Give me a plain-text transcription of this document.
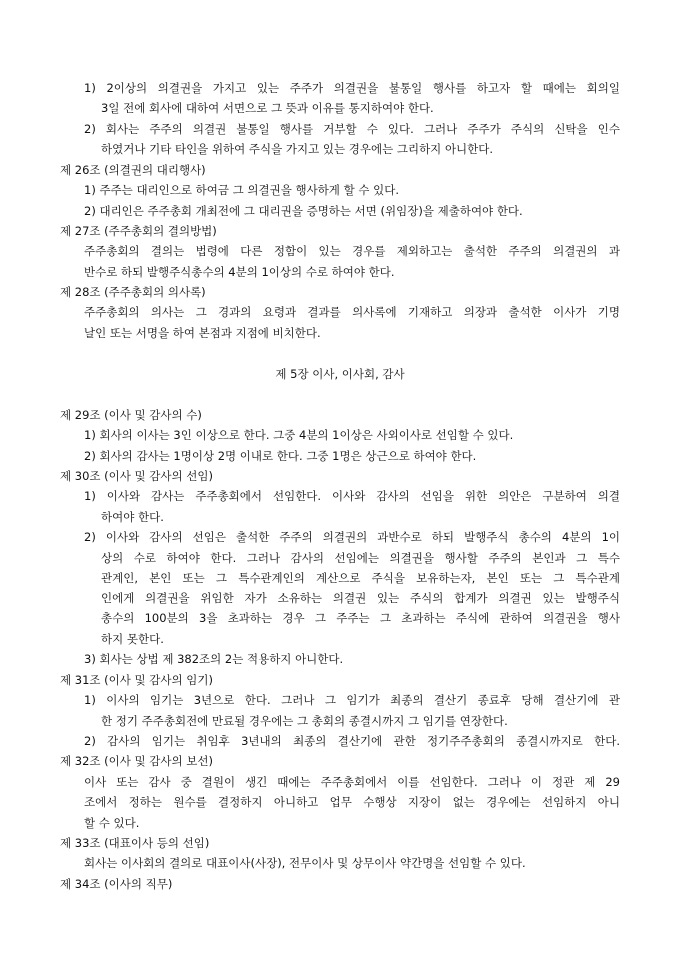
1) 2이상의 의결권을 가지고 있는 주주가 의결권을 불통일 행사를 하고자 할 때에는 회의일
3일 전에 회사에 대하여 서면으로 그 뜻과 이유를 통지하여야 한다.
2) 회사는 주주의 의결권 불통일 행사를 거부할 수 있다. 그러나 주주가 주식의 신탁을 인수
하였거나 기타 타인을 위하여 주식을 가지고 있는 경우에는 그리하지 아니한다.
제 26조 (의결권의 대리행사)
1) 주주는 대리인으로 하여금 그 의결권을 행사하게 할 수 있다.
2) 대리인은 주주총회 개최전에 그 대리권을 증명하는 서면 (위임장)을 제출하여야 한다.
제 27조 (주주총회의 결의방법)
주주총회의 결의는 법령에 다른 정함이 있는 경우를 제외하고는 출석한 주주의 의결권의 과
반수로 하되 발행주식총수의 4분의 1이상의 수로 하여야 한다.
제 28조 (주주총회의 의사록)
주주총회의 의사는 그 경과의 요령과 결과를 의사록에 기재하고 의장과 출석한 이사가 기명
날인 또는 서명을 하여 본점과 지점에 비치한다.
제 5장 이사, 이사회, 감사
제 29조 (이사 및 감사의 수)
1) 회사의 이사는 3인 이상으로 한다. 그중 4분의 1이상은 사외이사로 선임할 수 있다.
2) 회사의 감사는 1명이상 2명 이내로 한다. 그중 1명은 상근으로 하여야 한다.
제 30조 (이사 및 감사의 선임)
1) 이사와 감사는 주주총회에서 선임한다. 이사와 감사의 선임을 위한 의안은 구분하여 의결
하여야 한다.
2) 이사와 감사의 선임은 출석한 주주의 의결권의 과반수로 하되 발행주식 총수의 4분의 1이
상의 수로 하여야 한다. 그러나 감사의 선임에는 의결권을 행사할 주주의 본인과 그 특수
관계인, 본인 또는 그 특수관계인의 계산으로 주식을 보유하는자, 본인 또는 그 특수관계
인에게 의결권을 위임한 자가 소유하는 의결권 있는 주식의 합계가 의결권 있는 발행주식
총수의 100분의 3을 초과하는 경우 그 주주는 그 초과하는 주식에 관하여 의결권을 행사
하지 못한다.
3) 회사는 상법 제 382조의 2는 적용하지 아니한다.
제 31조 (이사 및 감사의 임기)
1) 이사의 임기는 3년으로 한다. 그러나 그 임기가 최종의 결산기 종료후 당해 결산기에 관
한 정기 주주총회전에 만료될 경우에는 그 총회의 종결시까지 그 임기를 연장한다.
2) 감사의 임기는 취임후 3년내의 최종의 결산기에 관한 정기주주총회의 종결시까지로 한다.
제 32조 (이사 및 감사의 보선)
이사 또는 감사 중 결원이 생긴 때에는 주주총회에서 이를 선임한다. 그러나 이 정관 제 29
조에서 정하는 원수를 결정하지 아니하고 업무 수행상 지장이 없는 경우에는 선임하지 아니
할 수 있다.
제 33조 (대표이사 등의 선임)
회사는 이사회의 결의로 대표이사(사장), 전무이사 및 상무이사 약간명을 선임할 수 있다.
제 34조 (이사의 직무)
